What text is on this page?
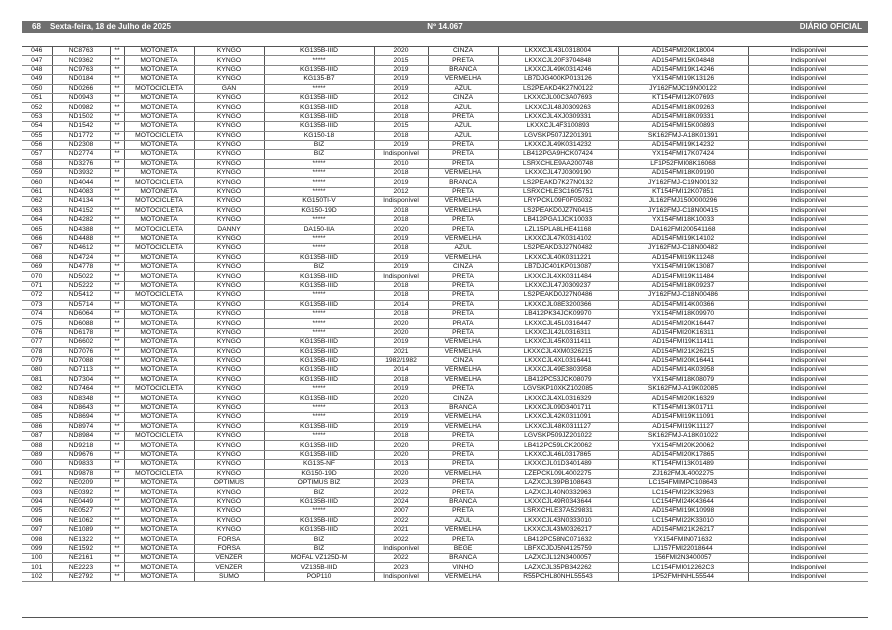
68 Sexta-feira, 18 de Julho de 2025	Nº 14.067	DIÁRIO OFICIAL
046	NC8763	**	MOTONETA	KYNGO	KG135B-IIID	2020	CINZA	LKXXCJL43L0318004	AD154FMI20K18004	Indisponível
047	NC9362	**	MOTONETA	KYNGO	*****	2015	PRETA	LKXXCJL20F3704848	AD154FMI15K04848	Indisponível
048	NC9763	**	MOTONETA	KYNGO	KG135B-IIID	2019	BRANCA	LKXXCJL49K0314246	AD154FMI19K14246	Indisponível
049	ND0184	**	MOTONETA	KYNGO	KG135-B7	2019	VERMELHA	LB7DJG400KP013126	YX154FMI19K13126	Indisponível
050	ND0266	**	MOTOCICLETA	GAN	*****	2019	AZUL	LS2PEAKD4K27N0122	JY162FMJC19N00122	Indisponível
051	ND0943	**	MOTONETA	KYNGO	KG135B-IIID	2012	CINZA	LKXXCJL00C3A07693	KT154FMI12K07693	Indisponível
052	ND0982	**	MOTONETA	KYNGO	KG135B-IIID	2018	AZUL	LKXXCJL48J0309263	AD154FMI18K09263	Indisponível
053	ND1502	**	MOTONETA	KYNGO	KG135B-IIID	2018	PRETA	LKXXCJL4XJ0309331	AD154FMI18K09331	Indisponível
054	ND1542	**	MOTONETA	KYNGO	KG135B-IIID	2015	AZUL	LKXXCJL4F3100893	AD154FMI15K00893	Indisponível
055	ND1772	**	MOTOCICLETA	KYNGO	KG150-18	2018	AZUL	LGVSKP507JZ201391	SK162FMJ-A18K01391	Indisponível
056	ND2308	**	MOTONETA	KYNGO	BIZ	2019	PRETA	LKXXCJL49K0314232	AD154FMI19K14232	Indisponível
057	ND2774	**	MOTONETA	KYNGO	BIZ	Indisponível	PRETA	LB412PGA9HCK07424	YX154FMI17K07424	Indisponível
058	ND3276	**	MOTONETA	KYNGO	*****	2010	PRETA	LSRXCHLE9AA200748	LF1P52FMI08K16068	Indisponível
059	ND3932	**	MOTONETA	KYNGO	*****	2018	VERMELHA	LKXXCJL47J0309190	AD154FMI18K09190	Indisponível
060	ND4044	**	MOTOCICLETA	KYNGO	*****	2019	BRANCA	LS2PEAKD7K27N0132	JY162FMJ-C19N00132	Indisponível
061	ND4083	**	MOTONETA	KYNGO	*****	2012	PRETA	LSRXCHLE3C1605751	KT154FMI12K07851	Indisponível
062	ND4134	**	MOTOCICLETA	KYNGO	KG150TI-V	Indisponível	VERMELHA	LRYPCKL09F0F05032	JL162FMJ1500000296	Indisponível
063	ND4152	**	MOTOCICLETA	KYNGO	KG150-19D	2018	VERMELHA	LS2PEAKD0JZ7N0415	JY162FMJ-C18N00415	Indisponível
064	ND4282	**	MOTONETA	KYNGO	*****	2018	PRETA	LB412PGA1JCK10033	YX154FMI18K10033	Indisponível
065	ND4388	**	MOTOCICLETA	DANNY	DA150-IIA	2020	PRETA	LZL15PLA8LHE41168	DA162FMI200541168	Indisponível
066	ND4488	**	MOTONETA	KYNGO	*****	2019	VERMELHA	LKXXCJL47K0314102	AD154FMI19K14102	Indisponível
067	ND4612	**	MOTOCICLETA	KYNGO	*****	2018	AZUL	LS2PEAKD3J27N0482	JY162FMJ-C18N00482	Indisponível
068	ND4724	**	MOTONETA	KYNGO	KG135B-IIID	2019	VERMELHA	LKXXCJL40K0311221	AD154FMI19K11248	Indisponível
069	ND4778	**	MOTONETA	KYNGO	BIZ	2019	CINZA	LB7DJC401KP013087	YX154FMI19K13087	Indisponível
070	ND5022	**	MOTONETA	KYNGO	KG135B-IIID	Indisponível	PRETA	LKXXCJL4XK0311484	AD154FMI19K11484	Indisponível
071	ND5222	**	MOTONETA	KYNGO	KG135B-IIID	2018	PRETA	LKXXCJL47J0309237	AD154FMI18K09237	Indisponível
072	ND5412	**	MOTOCICLETA	KYNGO	*****	2018	PRETA	LS2PEAKD0J27N0486	JY162FMJ-C18N00486	Indisponível
073	ND5714	**	MOTONETA	KYNGO	KG135B-IIID	2014	PRETA	LKXXCJL08E3200366	AD154FMI14K00366	Indisponível
074	ND6064	**	MOTONETA	KYNGO	*****	2018	PRETA	LB412PK34JCK09970	YX154FMI18K09970	Indisponível
075	ND6088	**	MOTONETA	KYNGO	*****	2020	PRATA	LKXXCJL45L0316447	AD154FMI20K16447	Indisponível
076	ND6178	**	MOTONETA	KYNGO	*****	2020	PRETA	LKXXCJL42L0316311	AD154FMI20K16311	Indisponível
077	ND6602	**	MOTONETA	KYNGO	KG135B-IIID	2019	VERMELHA	LKXXCJL45K0311411	AD154FMI19K11411	Indisponível
078	ND7076	**	MOTONETA	KYNGO	KG135B-IIID	2021	VERMELHA	LKXXCJL4XM0326215	AD154FMI21K26215	Indisponível
079	ND7088	**	MOTONETA	KYNGO	KG135B-IIID	1982/1982	CINZA	LKXXCJL4XL0316441	AD154FMI20K16441	Indisponível
080	ND7113	**	MOTONETA	KYNGO	KG135B-IIID	2014	VERMELHA	LKXXCJL49E3803958	AD154FMI14K03958	Indisponível
081	ND7304	**	MOTONETA	KYNGO	KG135B-IIID	2018	VERMELHA	LB412PC53JCK08079	YX154FMI18K08079	Indisponível
082	ND7464	**	MOTOCICLETA	KYNGO	*****	2019	PRETA	LGVSKP10XKZ102085	SK162FMJ-A19K02085	Indisponível
083	ND8348	**	MOTONETA	KYNGO	KG135B-IIID	2020	CINZA	LKXXCJL4XL0316329	AD154FMI20K16329	Indisponível
084	ND8643	**	MOTONETA	KYNGO	*****	2013	BRANCA	LKXXCJL09D3401711	KT154FMI13K01711	Indisponível
085	ND8694	**	MOTONETA	KYNGO	*****	2019	VERMELHA	LKXXCJL42K0311091	AD154FMI19K11091	Indisponível
086	ND8974	**	MOTONETA	KYNGO	KG135B-IIID	2019	VERMELHA	LKXXCJL48K0311127	AD154FMI19K11127	Indisponível
087	ND8984	**	MOTOCICLETA	KYNGO	*****	2018	PRETA	LGVSKP509JZ201022	SK162FMJ-A18K01022	Indisponível
088	ND9218	**	MOTONETA	KYNGO	KG135B-IIID	2020	PRETA	LB412PC59LCK20062	YX154FMI20K20062	Indisponível
089	ND9676	**	MOTONETA	KYNGO	KG135B-IIID	2020	PRETA	LKXXCJL46L0317865	AD154FMI20K17865	Indisponível
090	ND9833	**	MOTONETA	KYNGO	KG135-NF	2013	PRETA	LKXXCJL01D3401489	KT154FMI13K01489	Indisponível
091	ND9878	**	MOTOCICLETA	KYNGO	KG150-19D	2020	VERMELHA	LZEPCKL09L4002275	ZJ162FMJL4002275	Indisponível
092	NE0209	**	MOTONETA	OPTIMUS	OPTIMUS BIZ	2023	PRETA	LAZXCJL39PB108643	LC154FMIMPC108643	Indisponível
093	NE0392	**	MOTONETA	KYNGO	BIZ	2022	PRETA	LAZXCJL40N0332963	LC154FMI22K32963	Indisponível
094	NE0449	**	MOTONETA	KYNGO	KG135B-IIID	2024	BRANCA	LKXXCJL49R0343644	LC154FMI24K43644	Indisponível
095	NE0527	**	MOTONETA	KYNGO	*****	2007	PRETA	LSRXCHLE37A529831	AD154FMI19K10998	Indisponível
096	NE1062	**	MOTONETA	KYNGO	KG135B-IIID	2022	AZUL	LKXXCJL43N0333010	LC154FMI22K33010	Indisponível
097	NE1089	**	MOTONETA	KYNGO	KG135B-IIID	2021	VERMELHA	LKXXCJL43M0326217	AD154FMI21K26217	Indisponível
098	NE1322	**	MOTONETA	FORSA	BIZ	2022	PRETA	LB412PC58NC071632	YX154FMIN071632	Indisponível
099	NE1592	**	MOTONETA	FORSA	BIZ	Indisponível	BEGE	LBFXCJDJ5N4125759	LJ157FMI22018644	Indisponível
100	NE2161	**	MOTONETA	VENZER	MOFAL VZ125D-M	2022	BRANCA	LAZXCJL12N3400057	156FMI2N3400057	Indisponível
101	NE2223	**	MOTONETA	VENZER	VZ135B-IIID	2023	VINHO	LAZXCJL35PB342262	LC154FMI012262C3	Indisponível
102	NE2792	**	MOTONETA	SUMO	POP110	Indisponível	VERMELHA	R55PCHL80NHL55543	1P52FMHNHL55544	Indisponível
